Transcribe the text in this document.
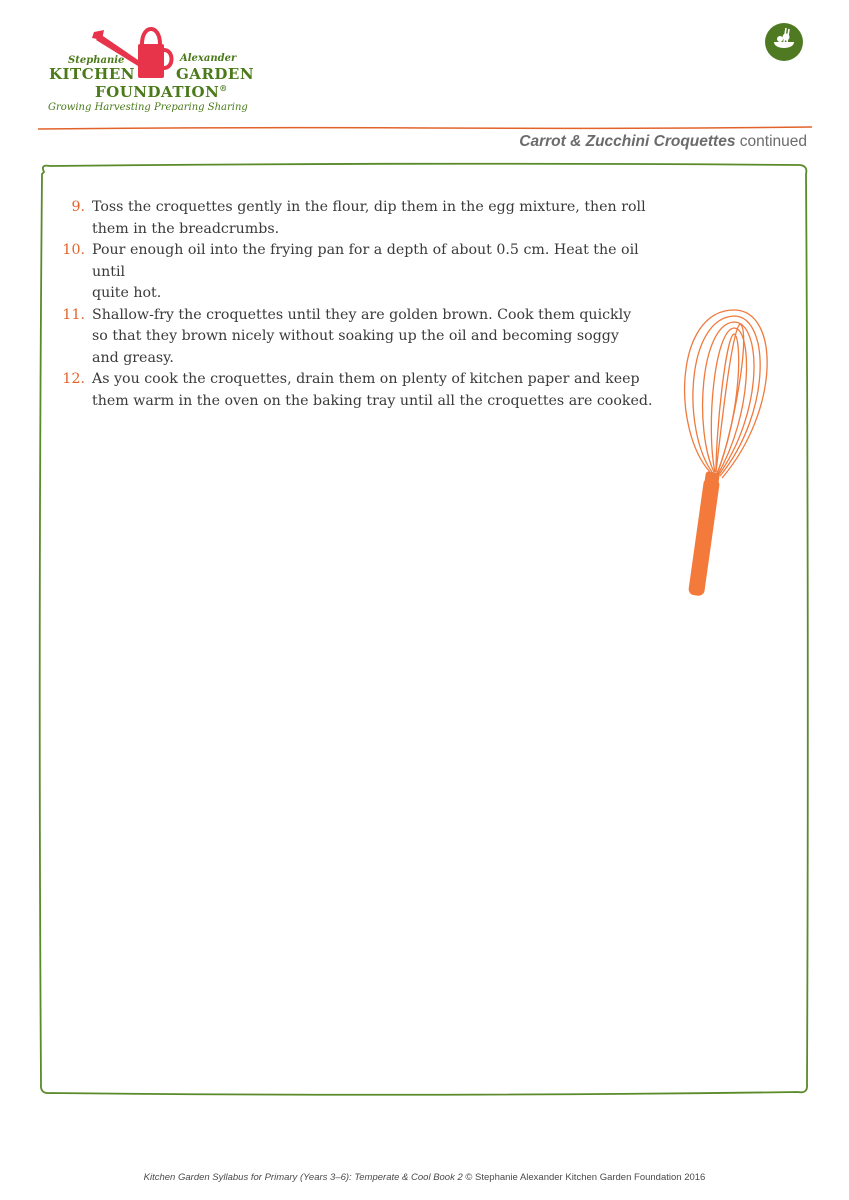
Stephanie	Alexander
KITCHEN	GARDEN
FOUNDATION®
Growing Harvesting Preparing Sharing
Carrot & Zucchini Croquettes continued
9. Toss the croquettes gently in the flour, dip them in the egg mixture, then roll
them in the breadcrumbs.
10. Pour enough oil into the frying pan for a depth of about 0.5 cm. Heat the oil until
quite hot.
11. Shallow-fry the croquettes until they are golden brown. Cook them quickly
so that they brown nicely without soaking up the oil and becoming soggy
and greasy.
12. As you cook the croquettes, drain them on plenty of kitchen paper and keep
them warm in the oven on the baking tray until all the croquettes are cooked.
Kitchen Garden Syllabus for Primary (Years 3–6): Temperate & Cool Book 2 © Stephanie Alexander Kitchen Garden Foundation 2016
